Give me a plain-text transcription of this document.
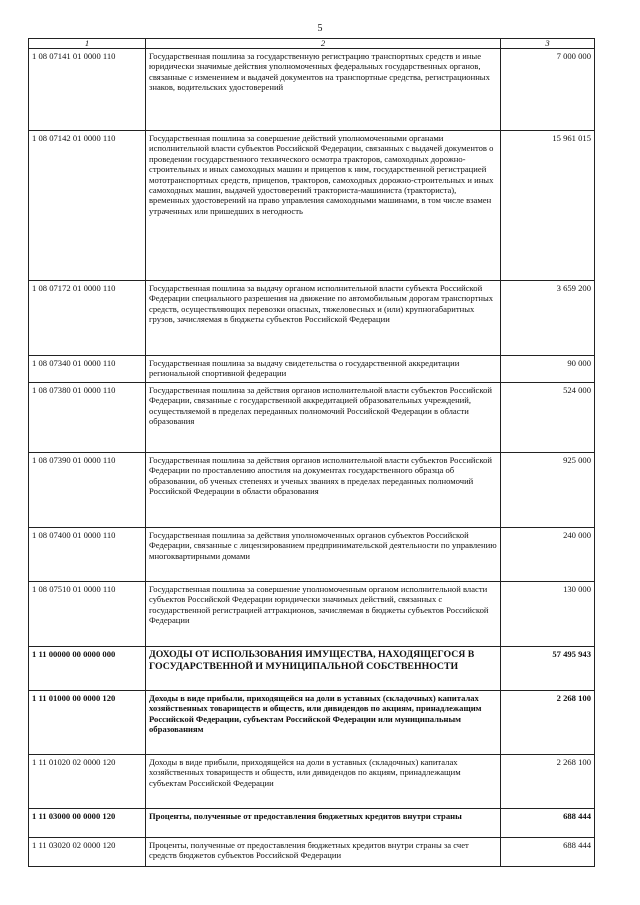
5
1	2	3
1 08 07141 01 0000 110	Государственная пошлина за государственную регистрацию транспортных средств и иные юридически значимые действия уполномоченных федеральных государственных органов, связанные с изменением и выдачей документов на транспортные средства, регистрационных знаков, водительских удостоверений	7 000 000
1 08 07142 01 0000 110	Государственная пошлина за совершение действий уполномоченными органами исполнительной власти субъектов Российской Федерации, связанных с выдачей документов о проведении государственного технического осмотра тракторов, самоходных дорожно-строительных и иных самоходных машин и прицепов к ним, государственной регистрацией мототранспортных средств, прицепов, тракторов, самоходных дорожно-строительных и иных самоходных машин, выдачей удостоверений тракториста-машиниста (тракториста), временных удостоверений на право управления самоходными машинами, в том числе взамен утраченных или пришедших в негодность	15 961 015
1 08 07172 01 0000 110	Государственная пошлина за выдачу органом исполнительной власти субъекта Российской Федерации специального разрешения на движение по автомобильным дорогам транспортных средств, осуществляющих перевозки опасных, тяжеловесных и (или) крупногабаритных грузов, зачисляемая в бюджеты субъектов Российской Федерации	3 659 200
1 08 07340 01 0000 110	Государственная пошлина за выдачу свидетельства о государственной аккредитации региональной спортивной федерации	90 000
1 08 07380 01 0000 110	Государственная пошлина за действия органов исполнительной власти субъектов Российской Федерации, связанные с государственной аккредитацией образовательных учреждений, осуществляемой в пределах переданных полномочий Российской Федерации в области образования	524 000
1 08 07390 01 0000 110	Государственная пошлина за действия органов исполнительной власти субъектов Российской Федерации по проставлению апостиля на документах государственного образца об образовании, об ученых степенях и ученых званиях в пределах переданных полномочий Российской Федерации в области образования	925 000
1 08 07400 01 0000 110	Государственная пошлина за действия уполномоченных органов субъектов Российской Федерации, связанные с лицензированием предпринимательской деятельности по управлению многоквартирными домами	240 000
1 08 07510 01 0000 110	Государственная пошлина за совершение уполномоченным органом исполнительной власти субъектов Российской Федерации юридически значимых действий, связанных с государственной регистрацией аттракционов, зачисляемая в бюджеты субъектов Российской Федерации	130 000
1 11 00000 00 0000 000	ДОХОДЫ ОТ ИСПОЛЬЗОВАНИЯ ИМУЩЕСТВА, НАХОДЯЩЕГОСЯ В ГОСУДАРСТВЕННОЙ И МУНИЦИПАЛЬНОЙ СОБСТВЕННОСТИ	57 495 943
1 11 01000 00 0000 120	Доходы в виде прибыли, приходящейся на доли в уставных (складочных) капиталах хозяйственных товариществ и обществ, или дивидендов по акциям, принадлежащим Российской Федерации, субъектам Российской Федерации или муниципальным образованиям	2 268 100
1 11 01020 02 0000 120	Доходы в виде прибыли, приходящейся на доли в уставных (складочных) капиталах хозяйственных товариществ и обществ, или дивидендов по акциям, принадлежащим субъектам Российской Федерации	2 268 100
1 11 03000 00 0000 120	Проценты, полученные от предоставления бюджетных кредитов внутри страны	688 444
1 11 03020 02 0000 120	Проценты, полученные от предоставления бюджетных кредитов внутри страны за счет средств бюджетов субъектов Российской Федерации	688 444
